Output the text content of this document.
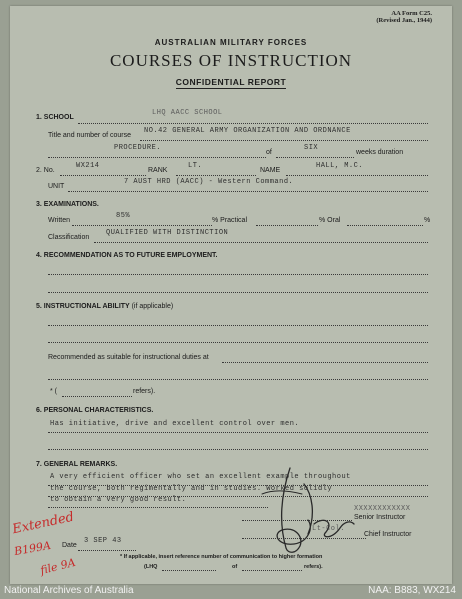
AA Form C25.
(Revised Jan., 1944)
AUSTRALIAN MILITARY FORCES
COURSES OF INSTRUCTION
CONFIDENTIAL REPORT
1. SCHOOL
LHQ AACC SCHOOL
Title and number of course
NO.42 GENERAL ARMY ORGANIZATION AND ORDNANCE
PROCEDURE.
of
SIX
weeks duration
2. No.
WX214
RANK
LT.
NAME
HALL, M.C.
UNIT
7 AUST HRD (AACC) - Western Command.
3. EXAMINATIONS.
Written
85%
% Practical	% Oral	%
Classification
QUALIFIED WITH DISTINCTION
4. RECOMMENDATION AS TO FUTURE EMPLOYMENT.
5. INSTRUCTIONAL ABILITY (if applicable)
Recommended as suitable for instructional duties at
* (	refers).
6. PERSONAL CHARACTERISTICS.
Has initiative, drive and excellent control over men.
7. GENERAL REMARKS.
A very efficient officer who set an excellent example throughout
the course, both regimentally and in studies. Worked solidly
to obtain a very good result.
XXXXXXXXXXXX
Senior Instructor
Lt-Col.
Chief Instructor
Date
3 SEP 43
* If applicable, insert reference number of communication to higher formation
(LHQ	of	refers).
Extended
B199A
file 9A
National Archives of Australia	NAA: B883, WX214
